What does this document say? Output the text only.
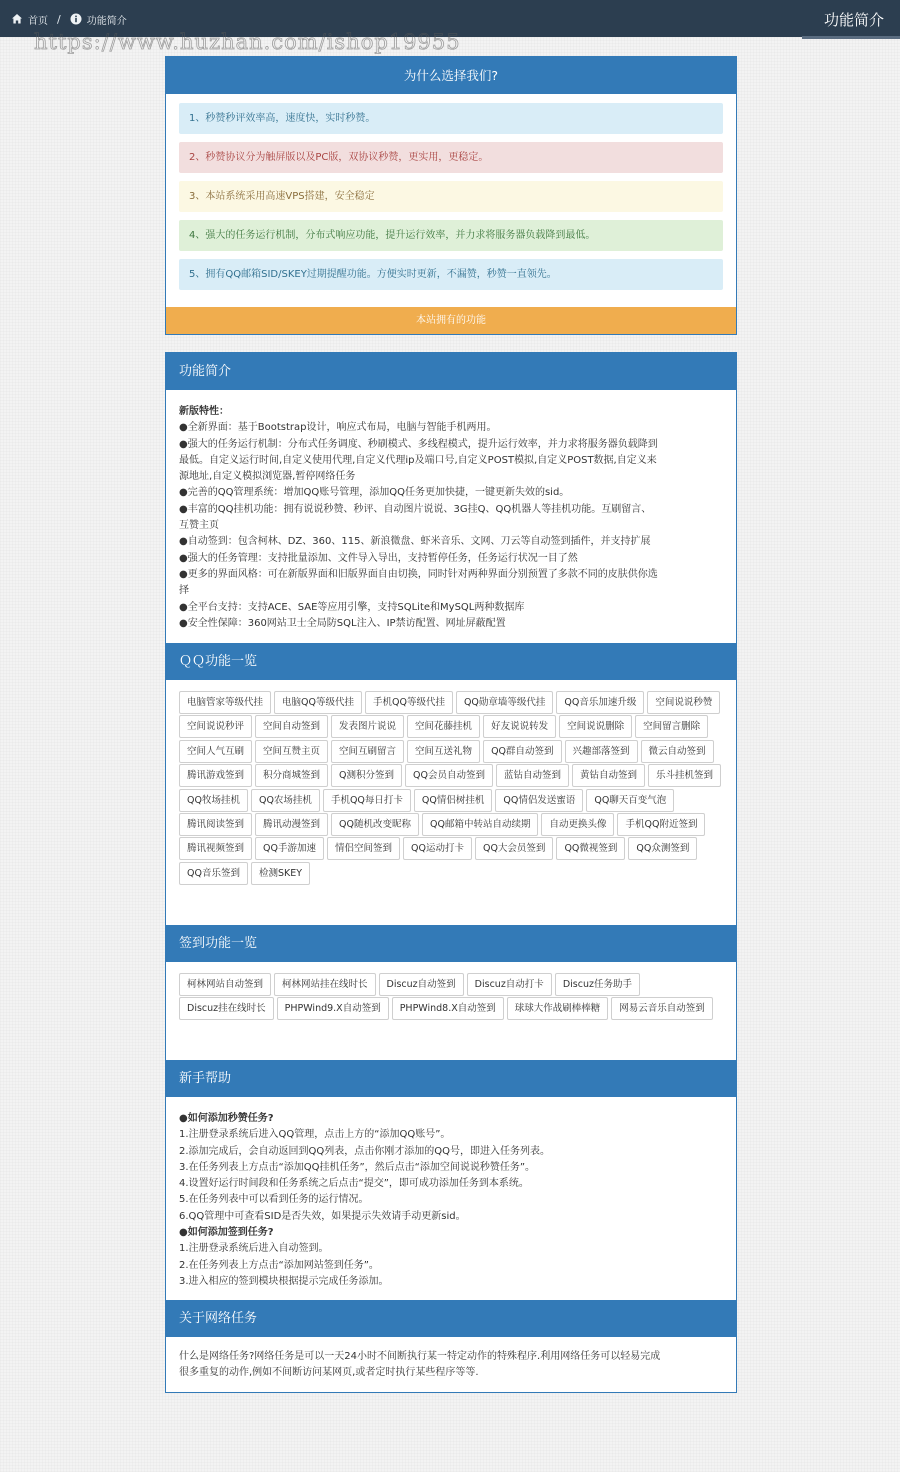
首页 /	功能简介	功能简介
https://www.huzhan.com/ishop19955
为什么选择我们?
1、秒赞秒评效率高，速度快，实时秒赞。
2、秒赞协议分为触屏版以及PC版，双协议秒赞，更实用，更稳定。
3、本站系统采用高速VPS搭建，安全稳定
4、强大的任务运行机制，分布式响应功能，提升运行效率，并力求将服务器负载降到最低。
5、拥有QQ邮箱SID/SKEY过期提醒功能。方便实时更新，不漏赞，秒赞一直领先。
本站拥有的功能
功能简介
新版特性：
●全新界面：基于Bootstrap设计，响应式布局，电脑与智能手机两用。
●强大的任务运行机制：分布式任务调度、秒刷模式、多线程模式，提升运行效率，并力求将服务器负载降到
最低。自定义运行时间,自定义使用代理,自定义代理ip及端口号,自定义POST模拟,自定义POST数据,自定义来
源地址,自定义模拟浏览器,暂停网络任务
●完善的QQ管理系统：增加QQ账号管理，添加QQ任务更加快捷，一键更新失效的sid。
●丰富的QQ挂机功能：拥有说说秒赞、秒评、自动图片说说、3G挂Q、QQ机器人等挂机功能。互刷留言、
互赞主页
●自动签到：包含柯林、DZ、360、115、新浪微盘、虾米音乐、文网、刀云等自动签到插件，并支持扩展
●强大的任务管理：支持批量添加、文件导入导出，支持暂停任务，任务运行状况一目了然
●更多的界面风格：可在新版界面和旧版界面自由切换，同时针对两种界面分别预置了多款不同的皮肤供你选
择
●全平台支持：支持ACE、SAE等应用引擎，支持SQLite和MySQL两种数据库
●安全性保障：360网站卫士全局防SQL注入、IP禁访配置、网址屏蔽配置
ＱＱ功能一览
电脑管家等级代挂	电脑QQ等级代挂	手机QQ等级代挂	QQ勋章墙等级代挂	QQ音乐加速升级	空间说说秒赞
空间说说秒评	空间自动签到	发表图片说说	空间花藤挂机	好友说说转发	空间说说删除	空间留言删除
空间人气互刷	空间互赞主页	空间互刷留言	空间互送礼物	QQ群自动签到	兴趣部落签到	微云自动签到
腾讯游戏签到	积分商城签到	Q测积分签到	QQ会员自动签到	蓝钻自动签到	黄钻自动签到	乐斗挂机签到
QQ牧场挂机	QQ农场挂机	手机QQ每日打卡	QQ情侣树挂机	QQ情侣发送蜜语	QQ聊天百变气泡
腾讯阅读签到	腾讯动漫签到	QQ随机改变昵称	QQ邮箱中转站自动续期	自动更换头像	手机QQ附近签到
腾讯视频签到	QQ手游加速	情侣空间签到	QQ运动打卡	QQ大会员签到	QQ微视签到	QQ众测签到
QQ音乐签到	检测SKEY
签到功能一览
柯林网站自动签到	柯林网站挂在线时长	Discuz自动签到	Discuz自动打卡	Discuz任务助手
Discuz挂在线时长	PHPWind9.X自动签到	PHPWind8.X自动签到	球球大作战刷棒棒糖	网易云音乐自动签到
新手帮助
●如何添加秒赞任务?
1.注册登录系统后进入QQ管理，点击上方的“添加QQ账号”。
2.添加完成后，会自动返回到QQ列表，点击你刚才添加的QQ号，即进入任务列表。
3.在任务列表上方点击“添加QQ挂机任务”，然后点击“添加空间说说秒赞任务”。
4.设置好运行时间段和任务系统之后点击“提交”，即可成功添加任务到本系统。
5.在任务列表中可以看到任务的运行情况。
6.QQ管理中可查看SID是否失效，如果提示失效请手动更新sid。
●如何添加签到任务?
1.注册登录系统后进入自动签到。
2.在任务列表上方点击“添加网站签到任务”。
3.进入相应的签到模块根据提示完成任务添加。
关于网络任务
什么是网络任务?网络任务是可以一天24小时不间断执行某一特定动作的特殊程序.利用网络任务可以轻易完成
很多重复的动作,例如不间断访问某网页,或者定时执行某些程序等等.
